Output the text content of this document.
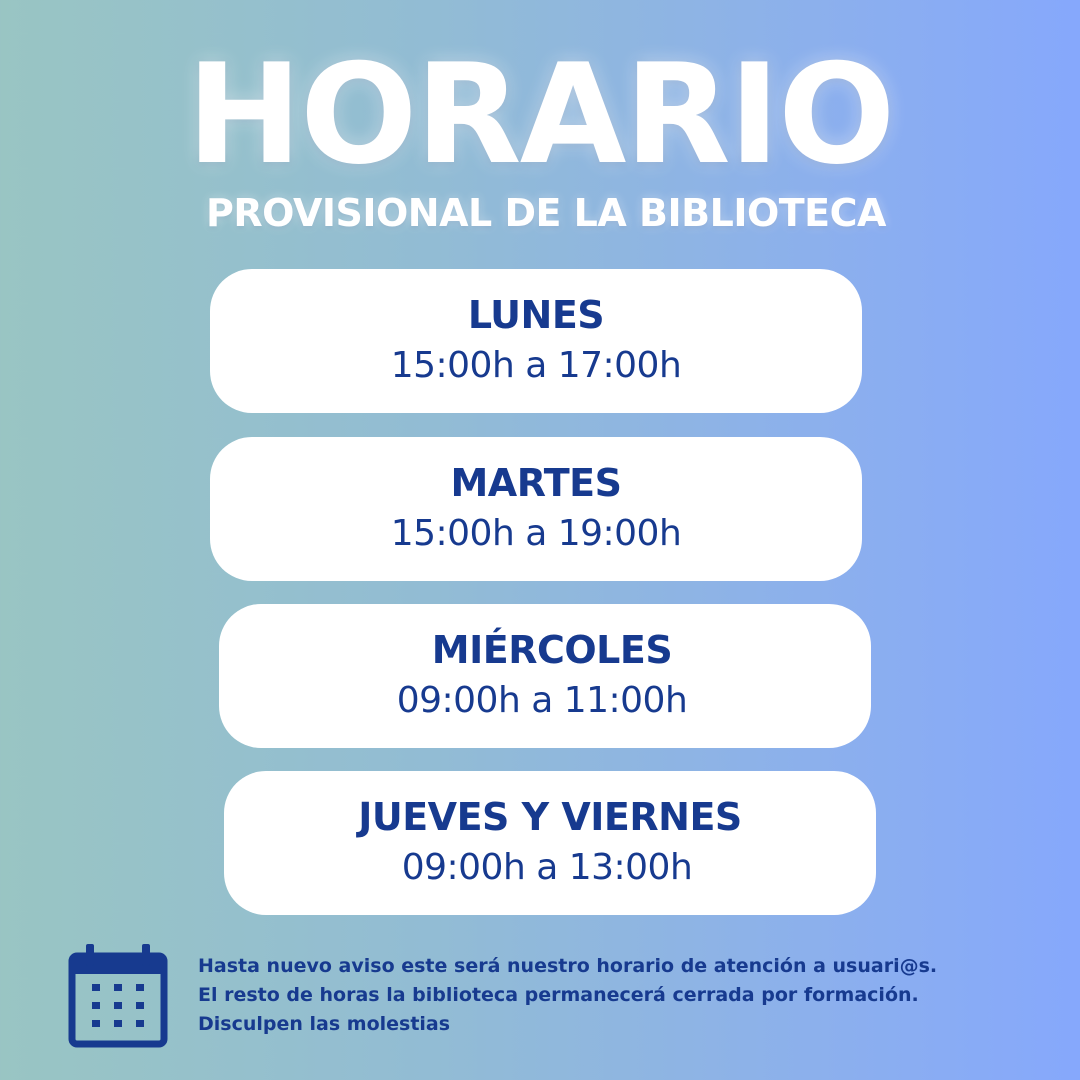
HORARIO
PROVISIONAL DE LA BIBLIOTECA
LUNES
15:00h a 17:00h
MARTES
15:00h a 19:00h
MIÉRCOLES
09:00h a 11:00h
JUEVES Y VIERNES
09:00h a 13:00h
Hasta nuevo aviso este será nuestro horario de atención a usuari@s.
El resto de horas la biblioteca permanecerá cerrada por formación.
Disculpen las molestias
